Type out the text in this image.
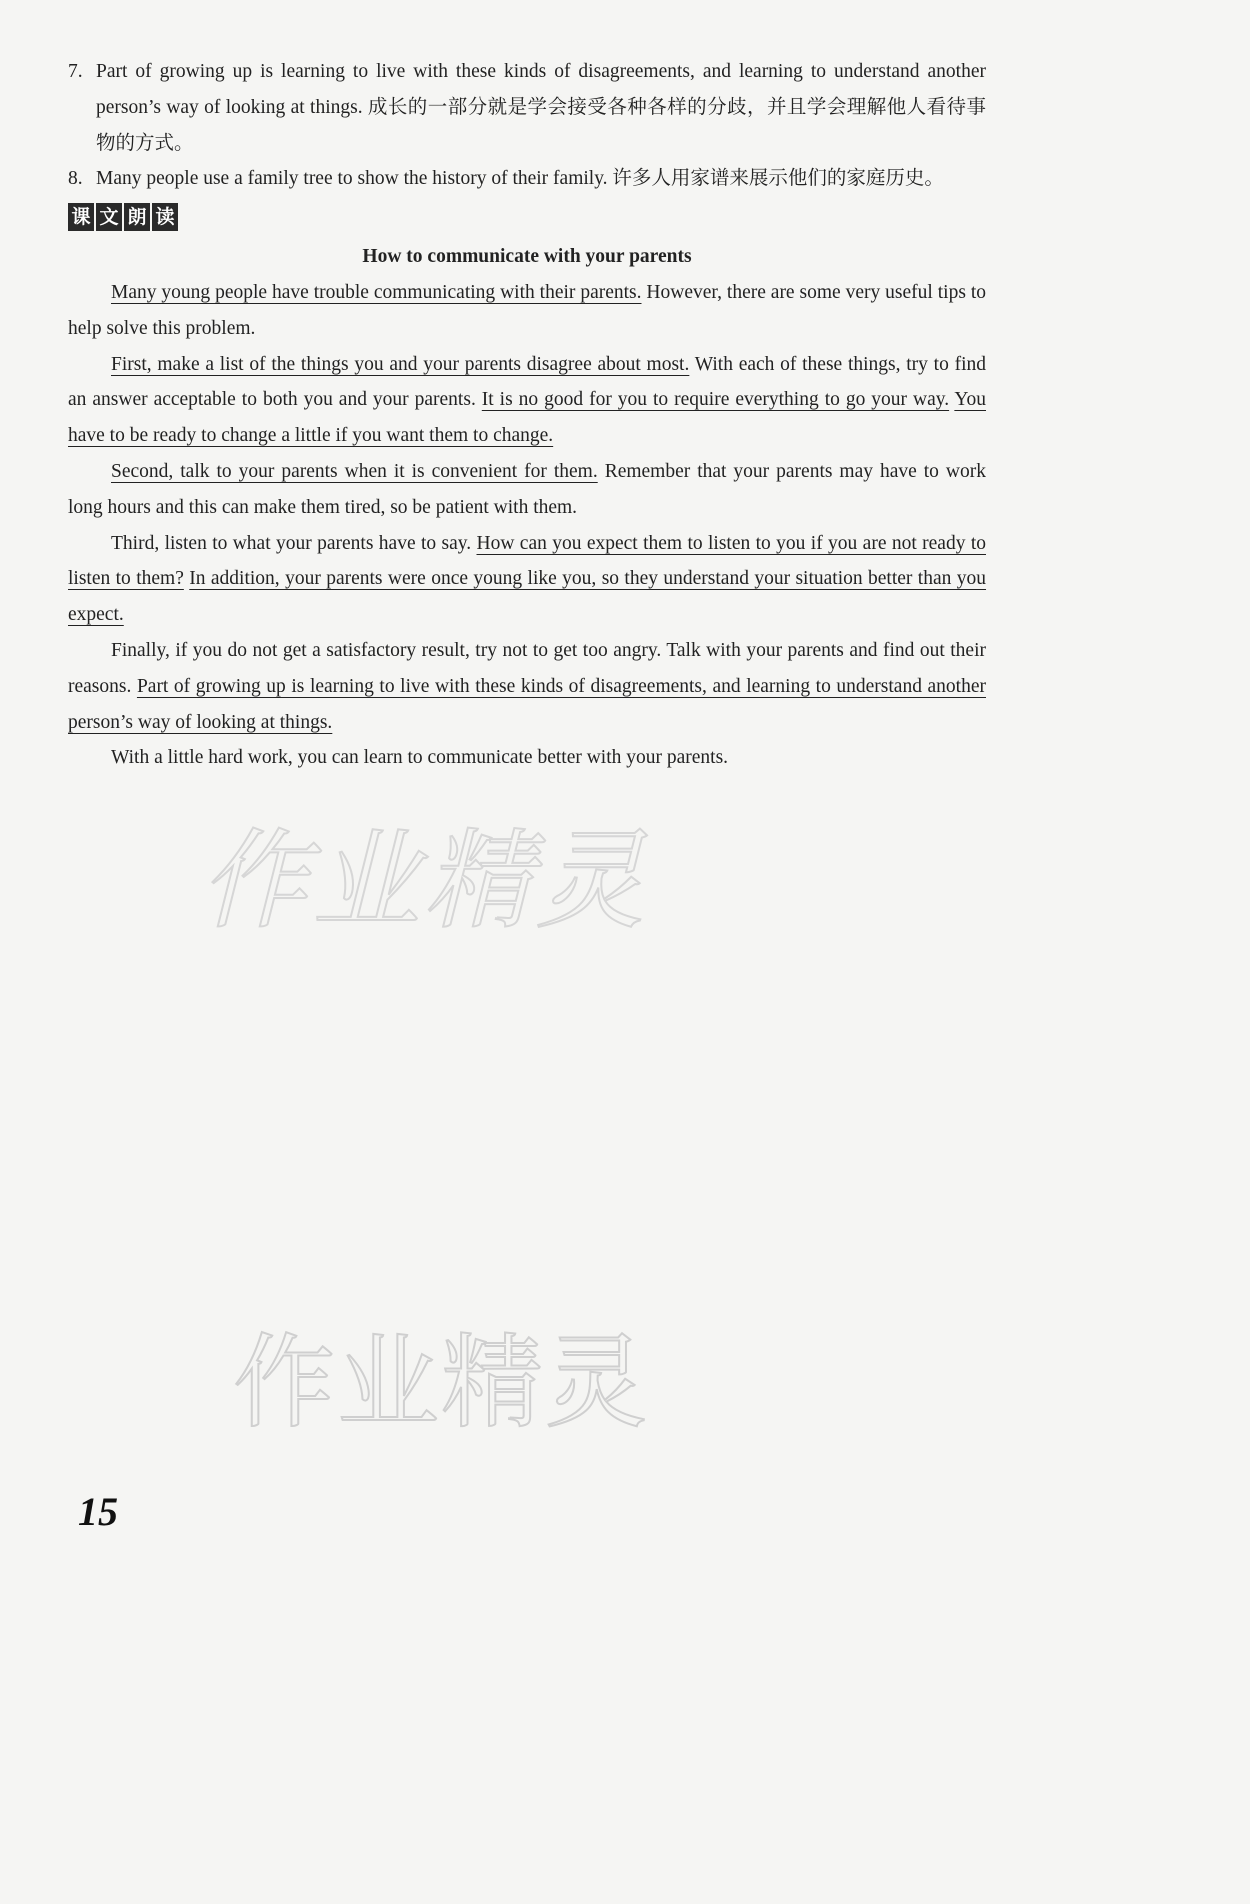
7. Part of growing up is learning to live with these kinds of disagreements, and learning to understand another person’s way of looking at things. 成长的一部分就是学会接受各种各样的分歧，并且学会理解他人看待事物的方式。
8. Many people use a family tree to show the history of their family. 许多人用家谱来展示他们的家庭历史。
课 文 朗 读
How to communicate with your parents
Many young people have trouble communicating with their parents. However, there are some very useful tips to help solve this problem.
First, make a list of the things you and your parents disagree about most. With each of these things, try to find an answer acceptable to both you and your parents. It is no good for you to require everything to go your way. You have to be ready to change a little if you want them to change.
Second, talk to your parents when it is convenient for them. Remember that your parents may have to work long hours and this can make them tired, so be patient with them.
Third, listen to what your parents have to say. How can you expect them to listen to you if you are not ready to listen to them? In addition, your parents were once young like you, so they understand your situation better than you expect.
Finally, if you do not get a satisfactory result, try not to get too angry. Talk with your parents and find out their reasons. Part of growing up is learning to live with these kinds of disagreements, and learning to understand another person’s way of looking at things.
With a little hard work, you can learn to communicate better with your parents.
作业精灵
作业精灵
15
